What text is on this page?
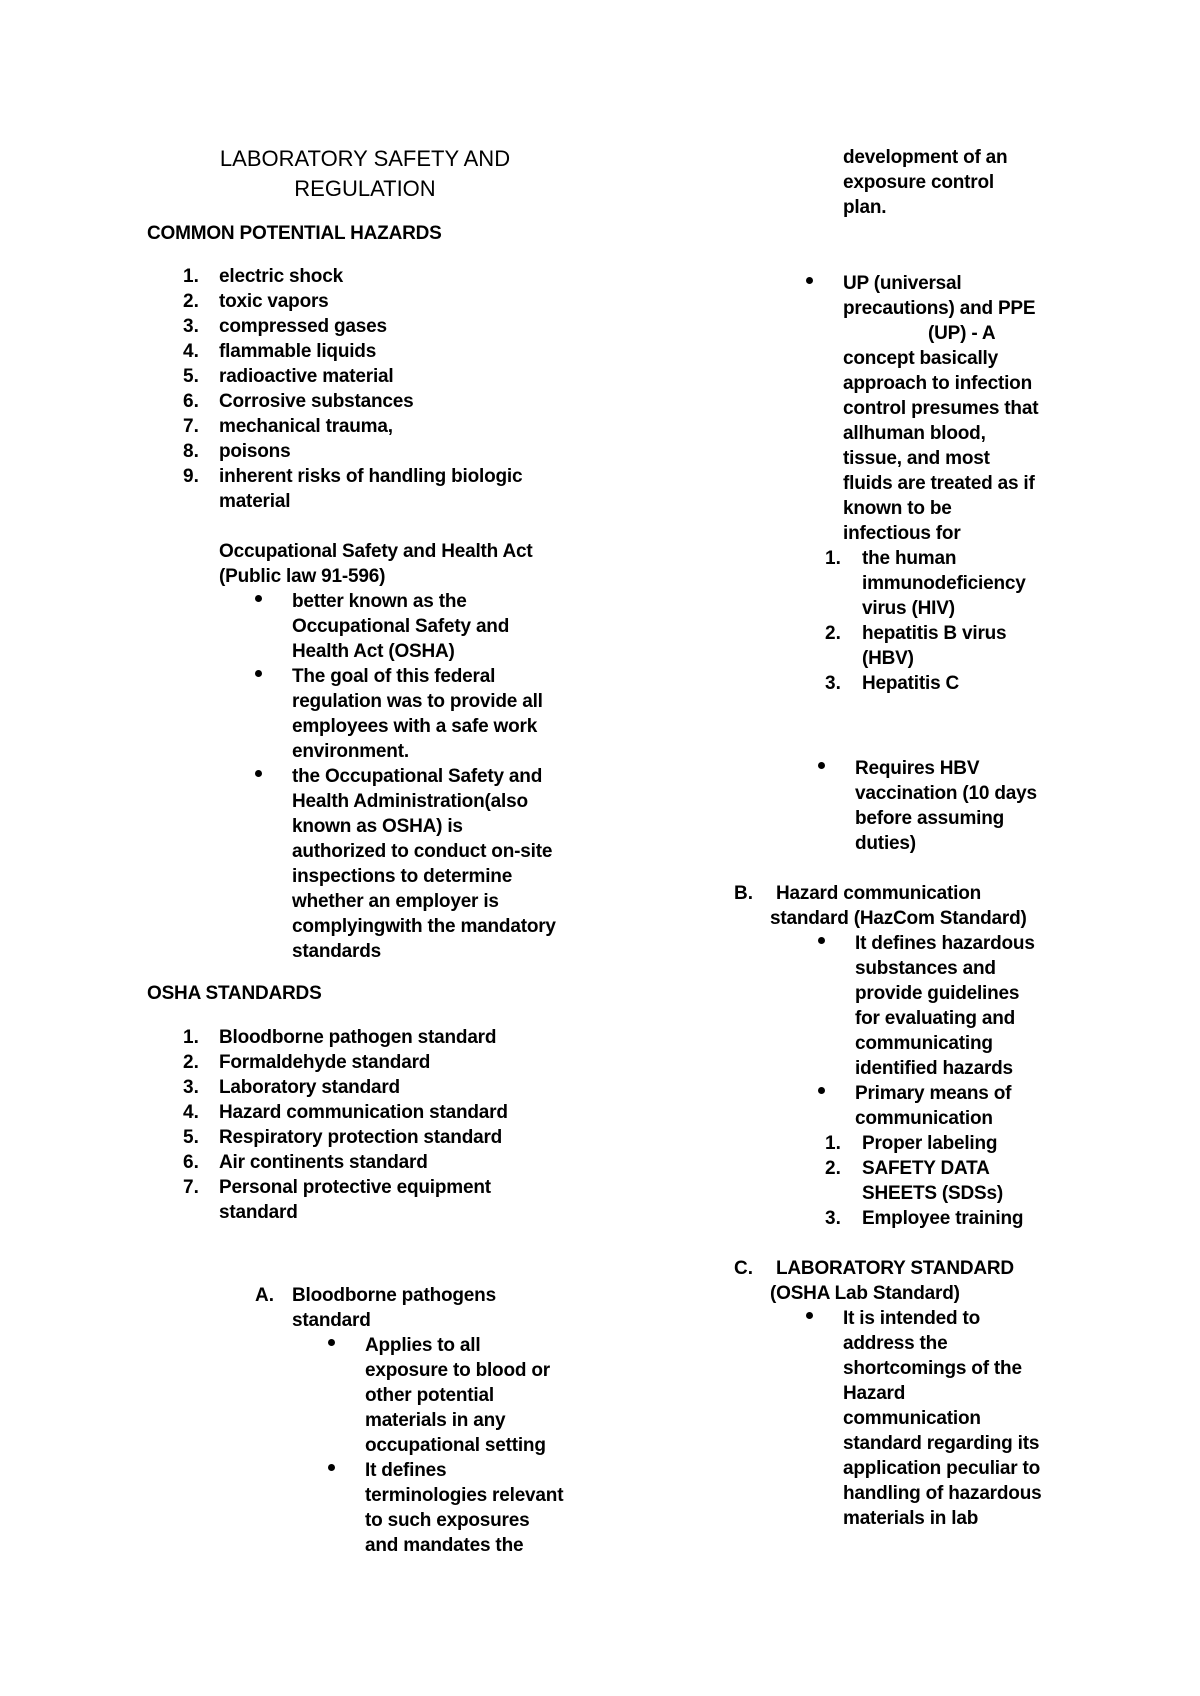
LABORATORY SAFETY AND
REGULATION
COMMON POTENTIAL HAZARDS
1. electric shock
2. toxic vapors
3. compressed gases
4. flammable liquids
5. radioactive material
6. Corrosive substances
7. mechanical trauma,
8. poisons
9. inherent risks of handling biologic
material
Occupational Safety and Health Act
(Public law 91-596)
better known as the
Occupational Safety and
Health Act (OSHA)
The goal of this federal
regulation was to provide all
employees with a safe work
environment.
the Occupational Safety and
Health Administration(also
known as OSHA) is
authorized to conduct on-site
inspections to determine
whether an employer is
complyingwith the mandatory
standards
OSHA STANDARDS
1. Bloodborne pathogen standard
2. Formaldehyde standard
3. Laboratory standard
4. Hazard communication standard
5. Respiratory protection standard
6. Air continents standard
7. Personal protective equipment
standard
A. Bloodborne pathogens
standard
Applies to all
exposure to blood or
other potential
materials in any
occupational setting
It defines
terminologies relevant
to such exposures
and mandates the
development of an
exposure control
plan.
UP (universal
precautions) and PPE
(UP) - A
concept basically
approach to infection
control presumes that
allhuman blood,
tissue, and most
fluids are treated as if
known to be
infectious for
1. the human
immunodeficiency
virus (HIV)
2. hepatitis B virus
(HBV)
3. Hepatitis C
Requires HBV
vaccination (10 days
before assuming
duties)
B. Hazard communication
standard (HazCom Standard)
It defines hazardous
substances and
provide guidelines
for evaluating and
communicating
identified hazards
Primary means of
communication
1. Proper labeling
2. SAFETY DATA
SHEETS (SDSs)
3. Employee training
C. LABORATORY STANDARD
(OSHA Lab Standard)
It is intended to
address the
shortcomings of the
Hazard
communication
standard regarding its
application peculiar to
handling of hazardous
materials in lab
